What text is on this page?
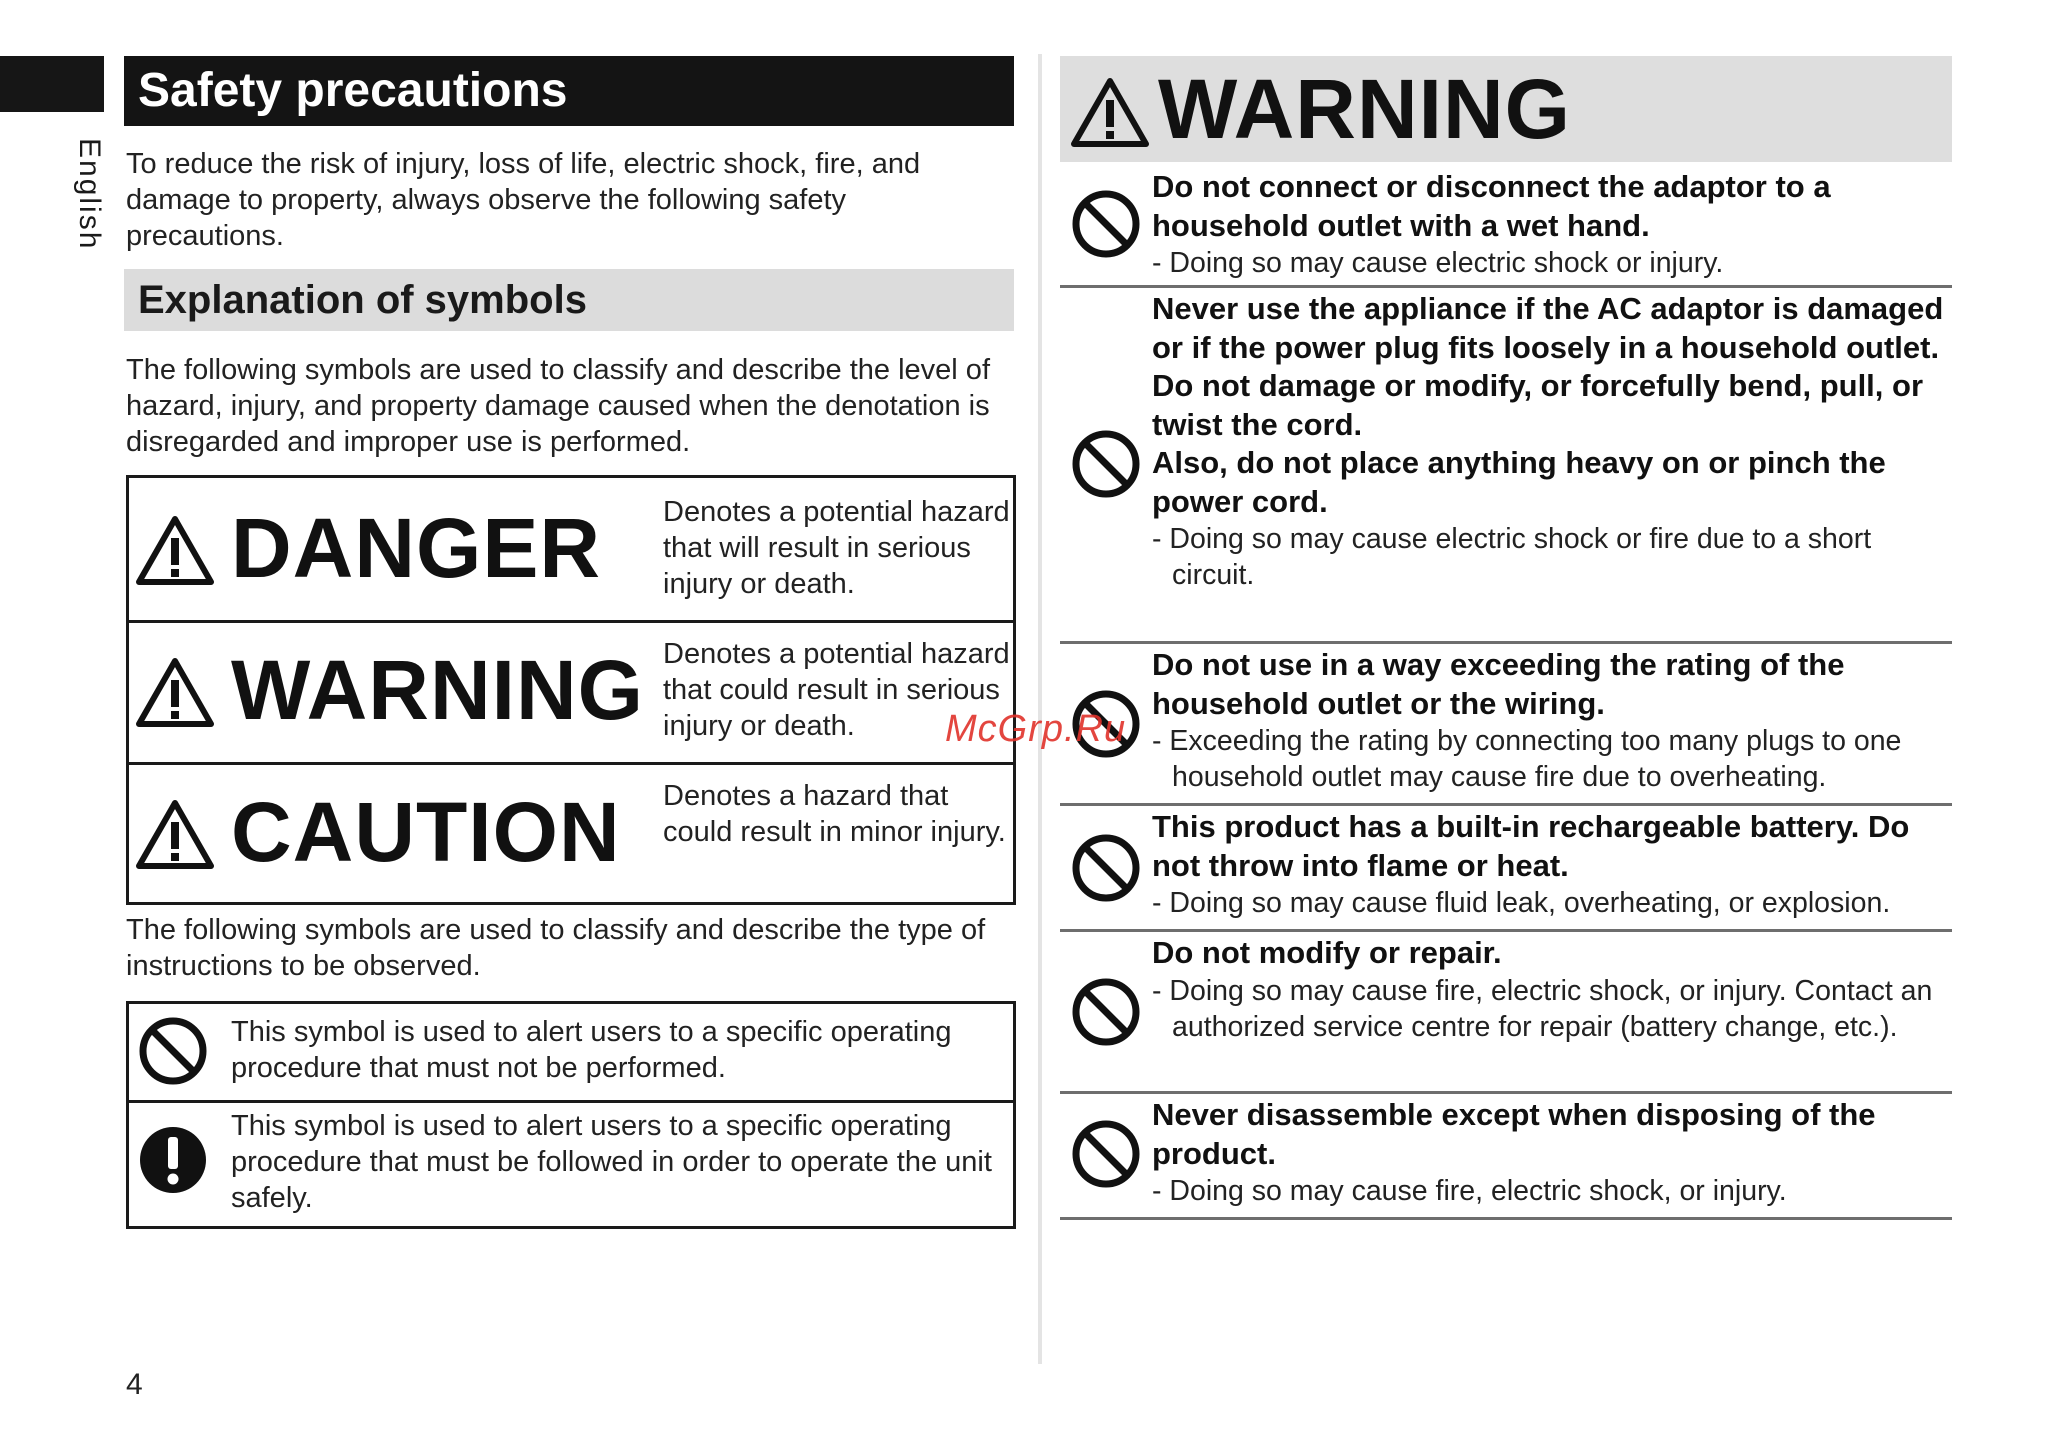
English
Safety precautions
To reduce the risk of injury, loss of life, electric shock, fire, and damage to property, always observe the following safety precautions.
Explanation of symbols
The following symbols are used to classify and describe the level of hazard, injury, and property damage caused when the denotation is disregarded and improper use is performed.
DANGER Denotes a potential hazard that will result in serious injury or death.
WARNING Denotes a potential hazard that could result in serious injury or death.
CAUTION Denotes a hazard that could result in minor injury.
The following symbols are used to classify and describe the type of instructions to be observed.
This symbol is used to alert users to a specific operating procedure that must not be performed.
This symbol is used to alert users to a specific operating procedure that must be followed in order to operate the unit safely.
4
WARNING
Do not connect or disconnect the adaptor to a household outlet with a wet hand.
- Doing so may cause electric shock or injury.
Never use the appliance if the AC adaptor is damaged or if the power plug fits loosely in a household outlet.
Do not damage or modify, or forcefully bend, pull, or twist the cord.
Also, do not place anything heavy on or pinch the power cord.
- Doing so may cause electric shock or fire due to a short circuit.
Do not use in a way exceeding the rating of the household outlet or the wiring.
- Exceeding the rating by connecting too many plugs to one household outlet may cause fire due to overheating.
This product has a built-in rechargeable battery. Do not throw into flame or heat.
- Doing so may cause fluid leak, overheating, or explosion.
Do not modify or repair.
- Doing so may cause fire, electric shock, or injury. Contact an authorized service centre for repair (battery change, etc.).
Never disassemble except when disposing of the product.
- Doing so may cause fire, electric shock, or injury.
McGrp.Ru
